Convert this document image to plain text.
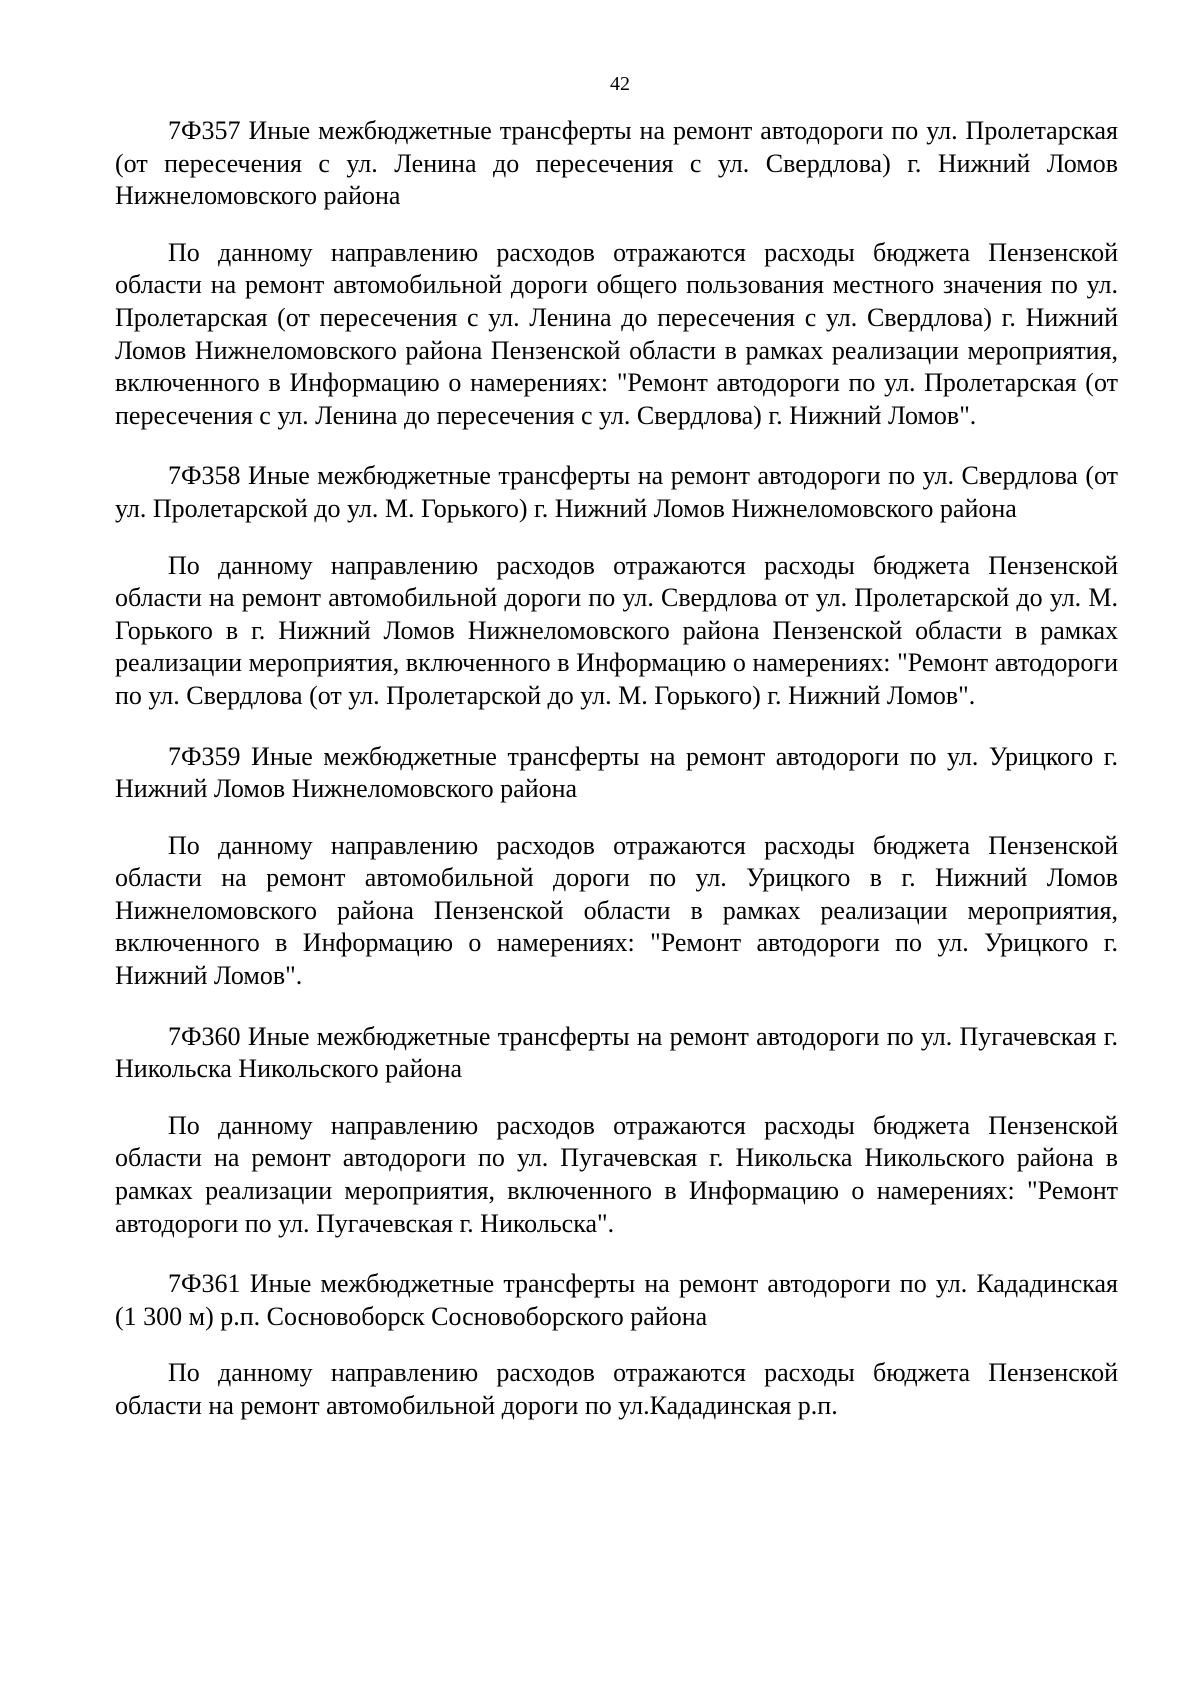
42

7Ф357 Иные межбюджетные трансферты на ремонт автодороги по ул. Пролетарская (от пересечения с ул. Ленина до пересечения с ул. Свердлова) г. Нижний Ломов Нижнеломовского района

По данному направлению расходов отражаются расходы бюджета Пензенской области на ремонт автомобильной дороги общего пользования местного значения по ул. Пролетарская (от пересечения с ул. Ленина до пересечения с ул. Свердлова) г. Нижний Ломов Нижнеломовского района Пензенской области в рамках реализации мероприятия, включенного в Информацию о намерениях: "Ремонт автодороги по ул. Пролетарская (от пересечения с ул. Ленина до пересечения с ул. Свердлова) г. Нижний Ломов".

7Ф358 Иные межбюджетные трансферты на ремонт автодороги по ул. Свердлова (от ул. Пролетарской до ул. М. Горького) г. Нижний Ломов Нижнеломовского района

По данному направлению расходов отражаются расходы бюджета Пензенской области на ремонт автомобильной дороги по ул. Свердлова от ул. Пролетарской до ул. М. Горького в г. Нижний Ломов Нижнеломовского района Пензенской области в рамках реализации мероприятия, включенного в Информацию о намерениях: "Ремонт автодороги по ул. Свердлова (от ул. Пролетарской до ул. М. Горького) г. Нижний Ломов".

7Ф359 Иные межбюджетные трансферты на ремонт автодороги по ул. Урицкого г. Нижний Ломов Нижнеломовского района

По данному направлению расходов отражаются расходы бюджета Пензенской области на ремонт автомобильной дороги по ул. Урицкого в г. Нижний Ломов Нижнеломовского района Пензенской области в рамках реализации мероприятия, включенного в Информацию о намерениях: "Ремонт автодороги по ул. Урицкого г. Нижний Ломов".

7Ф360 Иные межбюджетные трансферты на ремонт автодороги по ул. Пугачевская г. Никольска Никольского района

По данному направлению расходов отражаются расходы бюджета Пензенской области на ремонт автодороги по ул. Пугачевская г. Никольска Никольского района в рамках реализации мероприятия, включенного в Информацию о намерениях: "Ремонт автодороги по ул. Пугачевская г. Никольска".

7Ф361 Иные межбюджетные трансферты на ремонт автодороги по ул. Кададинская (1 300 м) р.п. Сосновоборск Сосновоборского района

По данному направлению расходов отражаются расходы бюджета Пензенской области на ремонт автомобильной дороги по ул.Кададинская р.п.
